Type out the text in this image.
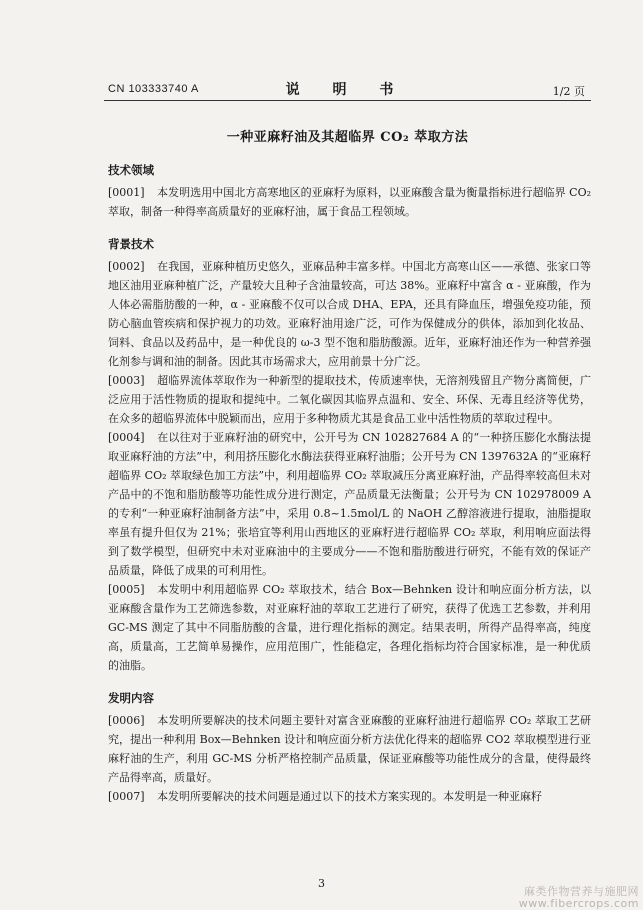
CN 103333740 A	说 明 书	1/2 页
一种亚麻籽油及其超临界 CO₂ 萃取方法
技术领域

[0001] 本发明选用中国北方高寒地区的亚麻籽为原料，以亚麻酸含量为衡量指标进行超临界 CO₂ 萃取，制备一种得率高质量好的亚麻籽油，属于食品工程领域。

背景技术

[0002] 在我国，亚麻种植历史悠久，亚麻品种丰富多样。中国北方高寒山区——承德、张家口等地区油用亚麻种植广泛，产量较大且种子含油量较高，可达 38%。亚麻籽中富含 α - 亚麻酸，作为人体必需脂肪酸的一种，α - 亚麻酸不仅可以合成 DHA、EPA，还具有降血压，增强免疫功能，预防心脑血管疾病和保护视力的功效。亚麻籽油用途广泛，可作为保健成分的供体，添加到化妆品、饲料、食品以及药品中，是一种优良的 ω-3 型不饱和脂肪酸源。近年，亚麻籽油还作为一种营养强化剂参与调和油的制备。因此其市场需求大，应用前景十分广泛。

[0003] 超临界流体萃取作为一种新型的提取技术，传质速率快，无溶剂残留且产物分离简便，广泛应用于活性物质的提取和提纯中。二氧化碳因其临界点温和、安全、环保、无毒且经济等优势，在众多的超临界流体中脱颖而出，应用于多种物质尤其是食品工业中活性物质的萃取过程中。

[0004] 在以往对于亚麻籽油的研究中，公开号为 CN 102827684 A 的“一种挤压膨化水酶法提取亚麻籽油的方法”中，利用挤压膨化水酶法获得亚麻籽油脂；公开号为 CN 1397632A 的“亚麻籽超临界 CO₂ 萃取绿色加工方法”中，利用超临界 CO₂ 萃取减压分离亚麻籽油，产品得率较高但未对产品中的不饱和脂肪酸等功能性成分进行测定，产品质量无法衡量；公开号为 CN 102978009 A 的专利“一种亚麻籽油制备方法”中，采用 0.8~1.5mol/L 的 NaOH 乙醇溶液进行提取，油脂提取率虽有提升但仅为 21%；张培宜等利用山西地区的亚麻籽进行超临界 CO₂ 萃取，利用响应面法得到了数学模型，但研究中未对亚麻油中的主要成分——不饱和脂肪酸进行研究，不能有效的保证产品质量，降低了成果的可利用性。

[0005] 本发明中利用超临界 CO₂ 萃取技术，结合 Box—Behnken 设计和响应面分析方法，以亚麻酸含量作为工艺筛选参数，对亚麻籽油的萃取工艺进行了研究，获得了优选工艺参数，并利用 GC-MS 测定了其中不同脂肪酸的含量，进行理化指标的测定。结果表明，所得产品得率高，纯度高，质量高，工艺简单易操作，应用范围广，性能稳定，各理化指标均符合国家标准，是一种优质的油脂。

发明内容

[0006] 本发明所要解决的技术问题主要针对富含亚麻酸的亚麻籽油进行超临界 CO₂ 萃取工艺研究，提出一种利用 Box—Behnken 设计和响应面分析方法优化得来的超临界 CO2 萃取模型进行亚麻籽油的生产，利用 GC-MS 分析严格控制产品质量，保证亚麻酸等功能性成分的含量，使得最终产品得率高，质量好。

[0007] 本发明所要解决的技术问题是通过以下的技术方案实现的。本发明是一种亚麻籽

3
麻类作物营养与施肥网
www.fibercrops.com
